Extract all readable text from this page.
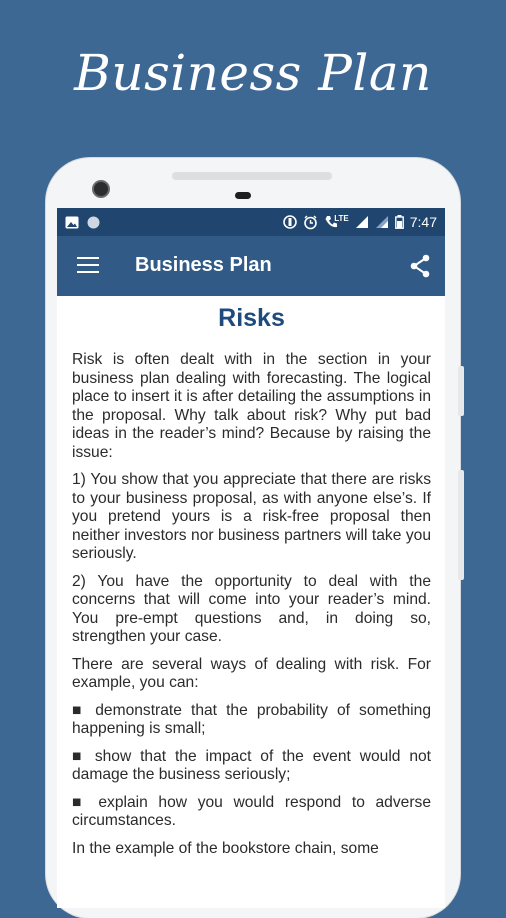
Business Plan
LTE	7:47
Business Plan
Risks

Risk is often dealt with in the section in your business plan dealing with forecasting. The logical place to insert it is after detailing the assumptions in the proposal. Why talk about risk? Why put bad ideas in the reader’s mind? Because by raising the issue:

1) You show that you appreciate that there are risks to your business proposal, as with anyone else’s. If you pretend yours is a risk-free proposal then neither investors nor business partners will take you seriously.

2) You have the opportunity to deal with the concerns that will come into your reader’s mind. You pre-empt questions and, in doing so, strengthen your case.

There are several ways of dealing with risk. For example, you can:

■ demonstrate that the probability of something happening is small;

■ show that the impact of the event would not damage the business seriously;

■ explain how you would respond to adverse circumstances.

In the example of the bookstore chain, some
